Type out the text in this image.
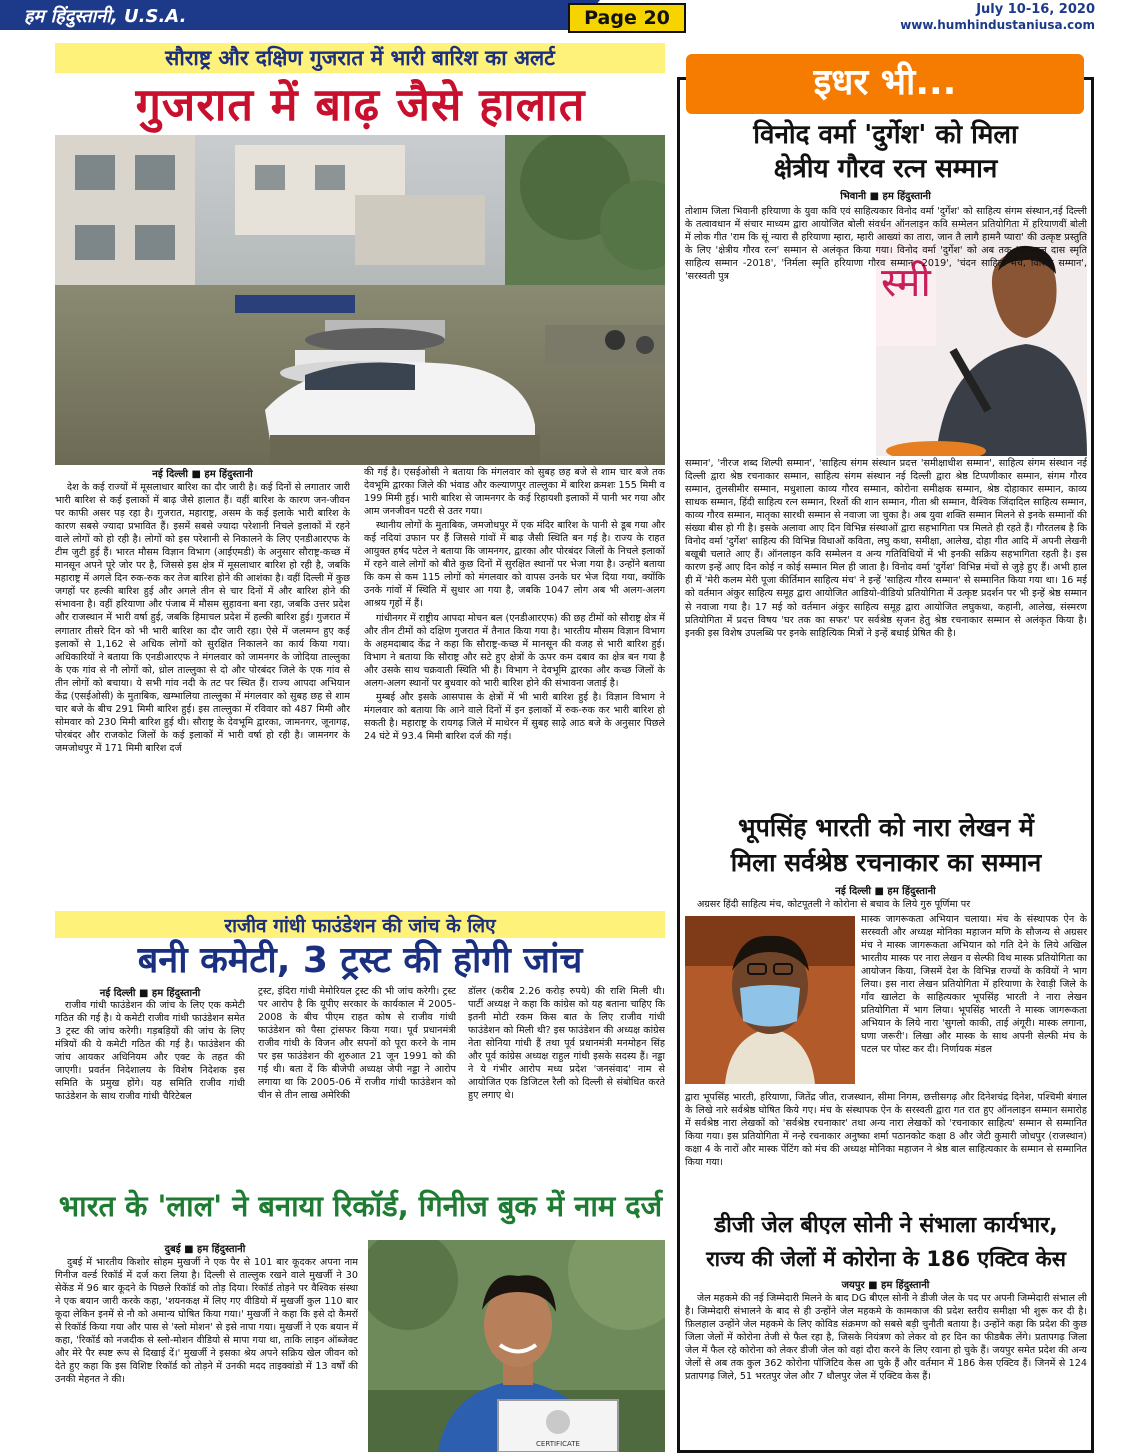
हम हिंदुस्तानी, U.S.A.	Page 20	July 10-16, 2020
www.humhindustaniusa.com
सौराष्ट्र और दक्षिण गुजरात में भारी बारिश का अलर्ट
गुजरात में बाढ़ जैसे हालात
नई दिल्ली ■ हम हिंदुस्तानी

देश के कई राज्यों में मूसलाधार बारिश का दौर जारी है। कई दिनों से लगातार जारी भारी बारिश से कई इलाकों में बाढ़ जैसे हालात हैं। वहीं बारिश के कारण जन-जीवन पर काफी असर पड़ रहा है। गुजरात, महाराष्ट्र, असम के कई इलाके भारी बारिश के कारण सबसे ज्यादा प्रभावित हैं। इसमें सबसे ज्यादा परेशानी निचले इलाकों में रहने वाले लोगों को हो रही है। लोगों को इस परेशानी से निकालने के लिए एनडीआरएफ के टीम जुटी हुई हैं। भारत मौसम विज्ञान विभाग (आईएमडी) के अनुसार सौराष्ट्र-कच्छ में मानसून अपने पूरे जोर पर है, जिससे इस क्षेत्र में मूसलाधार बारिश हो रही है, जबकि महाराष्ट्र में अगले दिन रुक-रुक कर तेज बारिश होने की आशंका है। वहीं दिल्ली में कुछ जगहों पर हल्की बारिश हुई और अगले तीन से चार दिनों में और बारिश होने की संभावना है। वहीं हरियाणा और पंजाब में मौसम सुहावना बना रहा, जबकि उत्तर प्रदेश और राजस्थान में भारी वर्षा हुई, जबकि हिमाचल प्रदेश में हल्की बारिश हुई। गुजरात में लगातार तीसरे दिन को भी भारी बारिश का दौर जारी रहा। ऐसे में जलमग्न हुए कई इलाकों से 1,162 से अधिक लोगों को सुरक्षित निकालने का कार्य किया गया।अधिकारियों ने बताया कि एनडीआरएफ ने मंगलवार को जामनगर के जोदिया ताल्लुका के एक गांव से नौ लोगों को, ध्रोल ताल्लुका से दो और पोरबंदर जिले के एक गांव से तीन लोगों को बचाया। ये सभी गांव नदी के तट पर स्थित हैं। राज्य आपदा अभियान केंद्र (एसईओसी) के मुताबिक, खम्भालिया ताल्लुका में मंगलवार को सुबह छह से शाम चार बजे के बीच 291 मिमी बारिश हुई। इस ताल्लुका में रविवार को 487 मिमी और सोमवार को 230 मिमी बारिश हुई थी। सौराष्ट्र के देवभूमि द्वारका, जामनगर, जूनागढ़, पोरबंदर और राजकोट जिलों के कई इलाकों में भारी वर्षा हो रही है। जामनगर के जमजोधपुर में 171 मिमी बारिश दर्ज

की गई है। एसईओसी ने बताया कि मंगलवार को सुबह छह बजे से शाम चार बजे तक देवभूमि द्वारका जिले की भंवाड और कल्याणपुर ताल्लुका में बारिश क्रमशः 155 मिमी व 199 मिमी हुई। भारी बारिश से जामनगर के कई रिहायशी इलाकों में पानी भर गया और आम जनजीवन पटरी से उतर गया।

स्थानीय लोगों के मुताबिक, जमजोधपुर में एक मंदिर बारिश के पानी से डूब गया और कई नदियां उफान पर हैं जिससे गांवों में बाढ़ जैसी स्थिति बन गई है। राज्य के राहत आयुक्त हर्षद पटेल ने बताया कि जामनगर, द्वारका और पोरबंदर जिलों के निचले इलाकों में रहने वाले लोगों को बीते कुछ दिनों में सुरक्षित स्थानों पर भेजा गया है। उन्होंने बताया कि कम से कम 115 लोगों को मंगलवार को वापस उनके घर भेज दिया गया, क्योंकि उनके गांवों में स्थिति में सुधार आ गया है, जबकि 1047 लोग अब भी अलग-अलग आश्रय गृहों में हैं।

गांधीनगर में राष्ट्रीय आपदा मोचन बल (एनडीआरएफ) की छह टीमों को सौराष्ट्र क्षेत्र में और तीन टीमों को दक्षिण गुजरात में तैनात किया गया है। भारतीय मौसम विज्ञान विभाग के अहमदाबाद केंद्र ने कहा कि सौराष्ट्र-कच्छ में मानसून की वजह से भारी बारिश हुई। विभाग ने बताया कि सौराष्ट्र और सटे हुए क्षेत्रों के ऊपर कम दबाव का क्षेत्र बन गया है और उसके साथ चक्रवाती स्थिति भी है। विभाग ने देवभूमि द्वारका और कच्छ जिलों के अलग-अलग स्थानों पर बुधवार को भारी बारिश होने की संभावना जताई है।

मुम्बई और इसके आसपास के क्षेत्रों में भी भारी बारिश हुई है। विज्ञान विभाग ने मंगलवार को बताया कि आने वाले दिनों में इन इलाकों में रुक-रुक कर भारी बारिश हो सकती है। महाराष्ट्र के रायगढ़ जिले में माथेरन में सुबह साढ़े आठ बजे के अनुसार पिछले 24 घंटे में 93.4 मिमी बारिश दर्ज की गई।

राजीव गांधी फाउंडेशन की जांच के लिए
बनी कमेटी, 3 ट्रस्ट की होगी जांच
नई दिल्ली ■ हम हिंदुस्तानी
राजीव गांधी फाउंडेशन की जांच के लिए एक कमेटी गठित की गई है। ये कमेटी राजीव गांधी फाउंडेशन समेत 3 ट्रस्ट की जांच करेगी। गड़बड़ियों की जांच के लिए मंत्रियों की ये कमेटी गठित की गई है। फाउंडेशन की जांच आयकर अधिनियम और एक्ट के तहत की जाएगी। प्रवर्तन निदेशालय के विशेष निदेशक इस समिति के प्रमुख होंगे। यह समिति राजीव गांधी फाउंडेशन के साथ राजीव गांधी चैरिटेबल
ट्रस्ट, इंदिरा गांधी मेमोरियल ट्रस्ट की भी जांच करेगी। ट्रस्ट पर आरोप है कि यूपीए सरकार के कार्यकाल में 2005-2008 के बीच पीएम राहत कोष से राजीव गांधी फाउंडेशन को पैसा ट्रांसफर किया गया। पूर्व प्रधानमंत्री राजीव गांधी के विजन और सपनों को पूरा करने के नाम पर इस फाउंडेशन की शुरुआत 21 जून 1991 को की गई थी। बता दें कि बीजेपी अध्यक्ष जेपी नड्डा ने आरोप लगाया था कि 2005-06 में राजीव गांधी फाउंडेशन को चीन से तीन लाख अमेरिकी
डॉलर (करीब 2.26 करोड़ रुपये) की राशि मिली थी। पार्टी अध्यक्ष ने कहा कि कांग्रेस को यह बताना चाहिए कि इतनी मोटी रकम किस बात के लिए राजीव गांधी फाउंडेशन को मिली थी? इस फाउंडेशन की अध्यक्ष कांग्रेस नेता सोनिया गांधी हैं तथा पूर्व प्रधानमंत्री मनमोहन सिंह और पूर्व कांग्रेस अध्यक्ष राहुल गांधी इसके सदस्य हैं। नड्डा ने ये गंभीर आरोप मध्य प्रदेश 'जनसंवाद' नाम से आयोजित एक डिजिटल रैली को दिल्ली से संबोधित करते हुए लगाए थे।
भारत के 'लाल' ने बनाया रिकॉर्ड, गिनीज बुक में नाम दर्ज
दुबई ■ हम हिंदुस्तानी
दुबई में भारतीय किशोर सोहम मुखर्जी ने एक पैर से 101 बार कूदकर अपना नाम गिनीज वर्ल्ड रिकॉर्ड में दर्ज करा लिया है। दिल्ली से ताल्लुक रखने वाले मुखर्जी ने 30 सेकेंड में 96 बार कूदने के पिछले रिकॉर्ड को तोड़ दिया। रिकॉर्ड तोड़ने पर वैश्विक संस्था ने एक बयान जारी करके कहा, 'शयनकक्ष में लिए गए वीडियो में मुखर्जी कुल 110 बार कूदा लेकिन इनमें से नौ को अमान्य घोषित किया गया।' मुखर्जी ने कहा कि इसे दो कैमरों से रिकॉर्ड किया गया और पास से 'स्लो मोशन' से इसे नापा गया। मुखर्जी ने एक बयान में कहा, 'रिकॉर्ड को नजदीक से स्लो-मोशन वीडियो से मापा गया था, ताकि लाइन ऑब्जेक्ट और मेरे पैर स्पष्ट रूप से दिखाई दें।' मुखर्जी ने इसका श्रेय अपने सक्रिय खेल जीवन को देते हुए कहा कि इस विशिष्ट रिकॉर्ड को तोड़ने में उनकी मदद ताइक्वांडो में 13 वर्षों की उनकी मेहनत ने की।
CERTIFICATE
इधर भी...
विनोद वर्मा 'दुर्गेश' को मिला
क्षेत्रीय गौरव रत्न सम्मान
भिवानी ■ हम हिंदुस्तानी
स्मी
तोशाम जिला भिवानी हरियाणा के युवा कवि एवं साहित्यकार विनोद वर्मा 'दुर्गेश' को साहित्य संगम संस्थान,नई दिल्ली के तत्वावधान में संचार माध्यम द्वारा आयोजित बोली संवर्धन ऑनलाइन कवि सम्मेलन प्रतियोगिता में हरियाणवीं बोली में लोक गीत 'राम कि सूं न्यारा सै हरियाणा म्हारा, म्हारी आख्यां का तारा, जान तै लागै हामनै प्यारा' की उत्कृष्ट प्रस्तुति के लिए 'क्षेत्रीय गौरव रत्न' सम्मान से अलंकृत किया गया। विनोद वर्मा 'दुर्गेश' को अब तक 'जयलाल दास स्मृति साहित्य सम्मान -2018', 'निर्मला स्मृति हरियाणा गौरव सम्मान -2019', 'चंदन साहित्य मंच, विशिष्ट सम्मान', 'सरस्वती पुत्र
सम्मान', 'नीरज शब्द शिल्पी सम्मान', 'साहित्य संगम संस्थान प्रदत्त 'समीक्षाधीश सम्मान', साहित्य संगम संस्थान नई दिल्ली द्वारा श्रेष्ठ रचनाकार सम्मान, साहित्य संगम संस्थान नई दिल्ली द्वारा श्रेष्ठ टिप्पणीकार सम्मान, संगम गौरव सम्मान, तुलसीमीर सम्मान, मधुशाला काव्य गौरव सम्मान, कोरोना समीक्षक सम्मान, श्रेष्ठ दोहाकार सम्मान, काव्य साधक सम्मान, हिंदी साहित्य रत्न सम्मान, रिश्तों की शान सम्मान, गीता श्री सम्मान, वैश्विक जिंदादिल साहित्य सम्मान, काव्य गौरव सम्मान, मातृका सारथी सम्मान से नवाजा जा चुका है। अब युवा शक्ति सम्मान मिलने से इनके सम्मानों की संख्या बीस हो गी है। इसके अलावा आए दिन विभिन्न संस्थाओं द्वारा सहभागिता पत्र मिलते ही रहते हैं। गौरतलब है कि विनोद वर्मा 'दुर्गेश' साहित्य की विभिन्न विधाओं कविता, लघु कथा, समीक्षा, आलेख, दोहा गीत आदि में अपनी लेखनी बखूबी चलाते आए हैं। ऑनलाइन कवि सम्मेलन व अन्य गतिविधियों में भी इनकी सक्रिय सहभागिता रहती है। इस कारण इन्हें आए दिन कोई न कोई सम्मान मिल ही जाता है। विनोद वर्मा 'दुर्गेश' विभिन्न मंचों से जुड़े हुए हैं। अभी हाल ही में 'मेरी कलम मेरी पूजा कीर्तिमान साहित्य मंच' ने इन्हें 'साहित्य गौरव सम्मान' से सम्मानित किया गया था। 16 मई को वर्तमान अंकुर साहित्य समूह द्वारा आयोजित आडियो-वीडियो प्रतियोगिता में उत्कृष्ट प्रदर्शन पर भी इन्हें श्रेष्ठ सम्मान से नवाजा गया है। 17 मई को वर्तमान अंकुर साहित्य समूह द्वारा आयोजित लघुकथा, कहानी, आलेख, संस्मरण प्रतियोगिता में प्रदत्त विषय 'घर तक का सफर' पर सर्वश्रेष्ठ सृजन हेतु श्रेष्ठ रचनाकार सम्मान से अलंकृत किया है। इनकी इस विशेष उपलब्धि पर इनके साहित्यिक मित्रों ने इन्हें बधाई प्रेषित की है।
भूपसिंह भारती को नारा लेखन में
मिला सर्वश्रेष्ठ रचनाकार का सम्मान
नई दिल्ली ■ हम हिंदुस्तानी
अग्रसर हिंदी साहित्य मंच, कोटपूतली ने कोरोना से बचाव के लिये गुरु पूर्णिमा पर
मास्क जागरूकता अभियान चलाया। मंच के संस्थापक ऐन के सरस्वती और अध्यक्ष मोनिका महाजन मणि के सौजन्य से अग्रसर मंच ने मास्क जागरूकता अभियान को गति देने के लिये अखिल भारतीय मास्क पर नारा लेखन व सेल्फी विथ मास्क प्रतियोगिता का आयोजन किया, जिसमें देश के विभिन्न राज्यों के कवियों ने भाग लिया। इस नारा लेखन प्रतियोगिता में हरियाणा के रेवाड़ी जिले के गाँव खालेटा के साहित्यकार भूपसिंह भारती ने नारा लेखन प्रतियोगिता में भाग लिया। भूपसिंह भारती ने मास्क जागरूकता अभियान के लिये नारा 'सुगलो काकी, ताई अंगूरी। मास्क लगाना, घणा जरूरी'। लिखा और मास्क के साथ अपनी सेल्फी मंच के पटल पर पोस्ट कर दी। निर्णायक मंडल
द्वारा भूपसिंह भारती, हरियाणा, जितेंद्र जीत, राजस्थान, सीमा निगम, छत्तीसगढ़ और दिनेशचंद्र दिनेश, पश्चिमी बंगाल के लिखे नारे सर्वश्रेष्ठ घोषित किये गए। मंच के संस्थापक ऐन के सरस्वती द्वारा गत रात हुए ऑनलाइन सम्मान समारोह में सर्वश्रेष्ठ नारा लेखकों को 'सर्वश्रेष्ठ रचनाकार' तथा अन्य नारा लेखकों को 'रचनाकार साहित्य' सम्मान से सम्मानित किया गया। इस प्रतियोगिता में नन्हे रचनाकार अनुष्का शर्मा पठानकोट कक्षा 8 और जेटी कुमारी जोधपुर (राजस्थान) कक्षा 4 के नारों और मास्क पेंटिंग को मंच की अध्यक्ष मोनिका महाजन ने श्रेष्ठ बाल साहित्यकार के सम्मान से सम्मानित किया गया।
डीजी जेल बीएल सोनी ने संभाला कार्यभार,
राज्य की जेलों में कोरोना के 186 एक्टिव केस
जयपुर ■ हम हिंदुस्तानी
जेल महकमे की नई जिम्मेदारी मिलने के बाद DG बीएल सोनी ने डीजी जेल के पद पर अपनी जिम्मेदारी संभाल ली है। जिम्मेदारी संभालने के बाद से ही उन्होंने जेल महकमे के कामकाज की प्रदेश स्तरीय समीक्षा भी शुरू कर दी है। फ़िलहाल उन्होंने जेल महकमे के लिए कोविड संक्रमण को सबसे बड़ी चुनौती बताया है। उन्होंने कहा कि प्रदेश की कुछ जिला जेलों में कोरोना तेजी से फैल रहा है, जिसके नियंत्रण को लेकर वो हर दिन का फीडबैक लेंगे। प्रतापगढ़ जिला जेल में फैल रहे कोरोना को लेकर डीजी जेल को वहां दौरा करने के लिए रवाना हो चुके हैं। जयपुर समेत प्रदेश की अन्य जेलों से अब तक कुल 362 कोरोना पॉजिटिव केस आ चुके हैं और वर्तमान में 186 केस एक्टिव हैं। जिनमें से 124 प्रतापगढ़ जिले, 51 भरतपुर जेल और 7 धौलपुर जेल में एक्टिव केस हैं।
